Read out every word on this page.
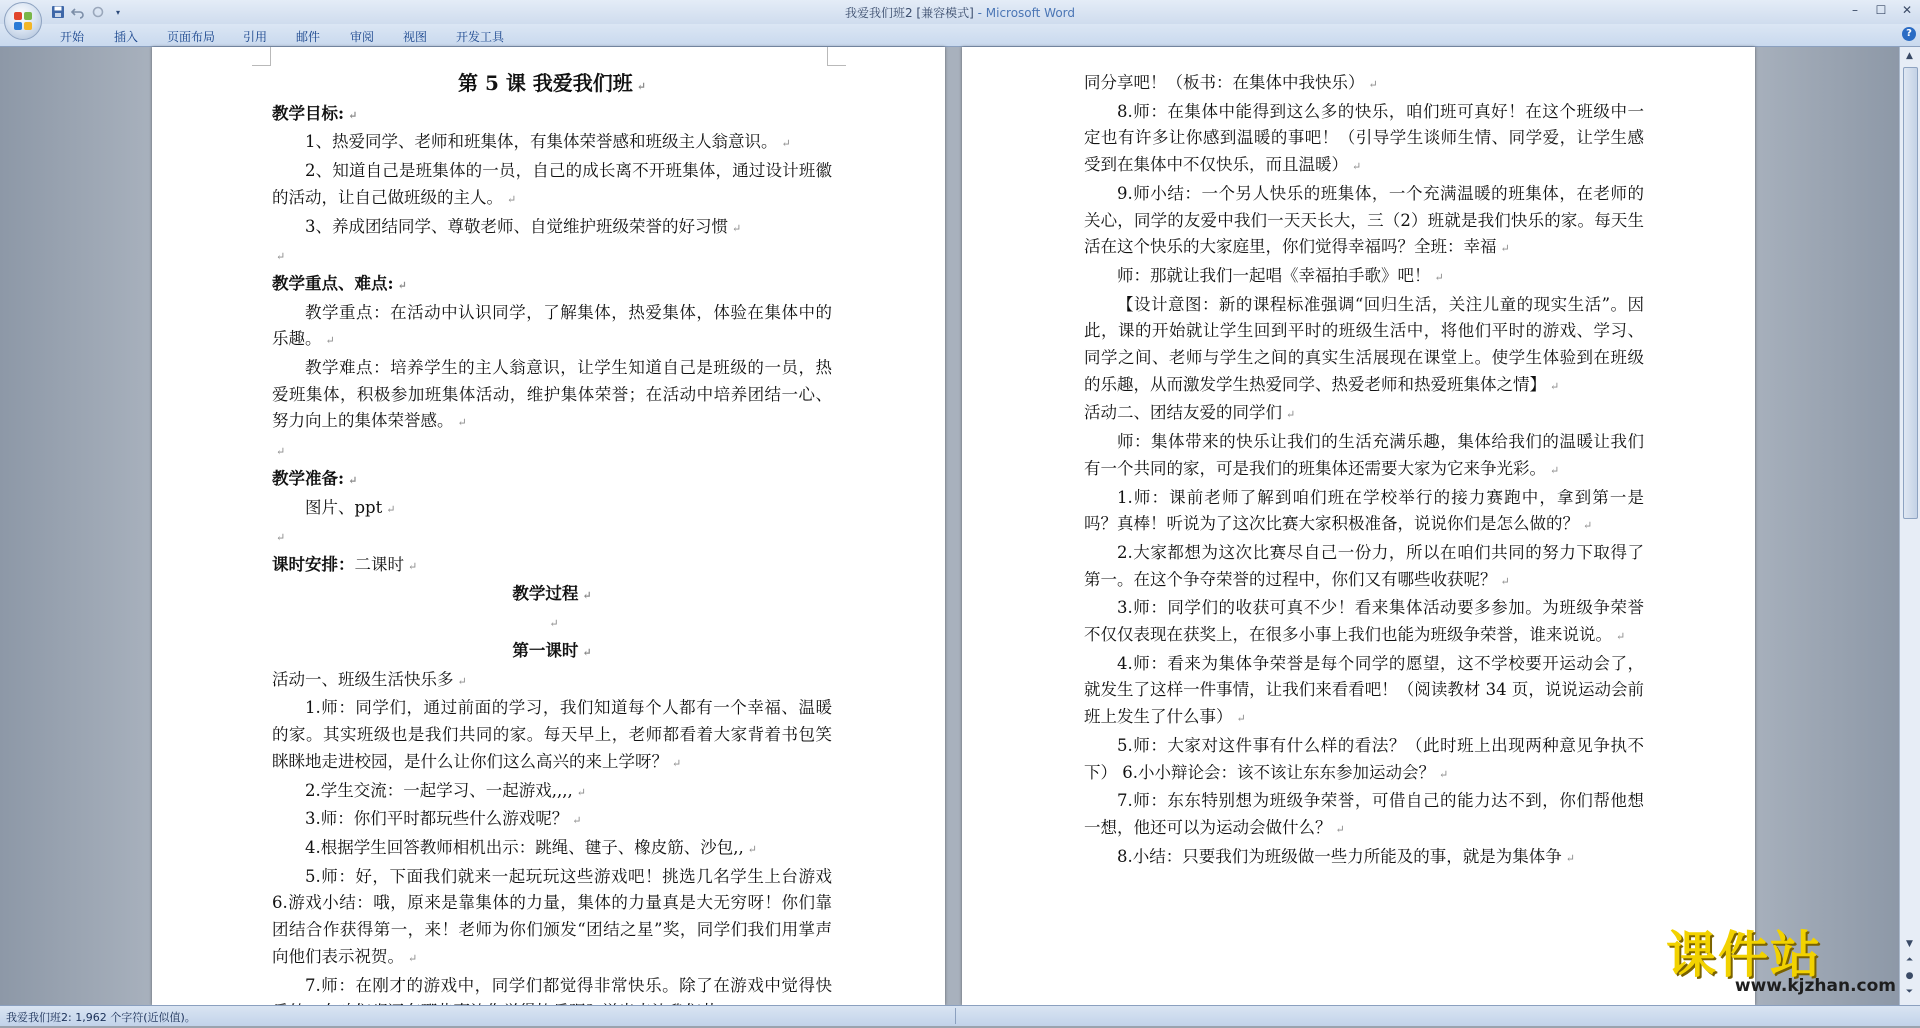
▾	我爱我们班2 [兼容模式] - Microsoft Word	–	☐	✕
开始 插入 页面布局 引用 邮件 审阅 视图 开发工具	?

第 5 课 我爱我们班 ↵

教学目标: ↵

1、热爱同学、老师和班集体，有集体荣誉感和班级主人翁意识。 ↵

2、知道自己是班集体的一员，自己的成长离不开班集体，通过设计班徽的活动，让自己做班级的主人。 ↵

3、养成团结同学、尊敬老师、自觉维护班级荣誉的好习惯 ↵

↵

教学重点、难点: ↵

教学重点：在活动中认识同学，了解集体，热爱集体，体验在集体中的乐趣。 ↵

教学难点：培养学生的主人翁意识，让学生知道自己是班级的一员，热爱班集体，积极参加班集体活动，维护集体荣誉；在活动中培养团结一心、努力向上的集体荣誉感。 ↵

↵

教学准备: ↵

图片、ppt ↵

↵

课时安排：二课时 ↵

教学过程 ↵

↵

第一课时 ↵

活动一、班级生活快乐多 ↵

1.师：同学们，通过前面的学习，我们知道每个人都有一个幸福、温暖的家。其实班级也是我们共同的家。每天早上，老师都看着大家背着书包笑眯眯地走进校园，是什么让你们这么高兴的来上学呀？ ↵

2.学生交流：一起学习、一起游戏,,,, ↵

3.师：你们平时都玩些什么游戏呢？ ↵

4.根据学生回答教师相机出示：跳绳、毽子、橡皮筋、沙包,, ↵

5.师：好，下面我们就来一起玩玩这些游戏吧！挑选几名学生上台游戏 6.游戏小结：哦，原来是靠集体的力量，集体的力量真是大无穷呀！你们靠团结合作获得第一，来！老师为你们颁发“团结之星”奖，同学们我们用掌声向他们表示祝贺。 ↵

7.师：在刚才的游戏中，同学们都觉得非常快乐。除了在游戏中觉得快

同分享吧！（板书：在集体中我快乐） ↵

8.师：在集体中能得到这么多的快乐，咱们班可真好！在这个班级中一定也有许多让你感到温暖的事吧！（引导学生谈师生情、同学爱，让学生感受到在集体中不仅快乐，而且温暖） ↵

9.师小结：一个另人快乐的班集体，一个充满温暖的班集体，在老师的关心，同学的友爱中我们一天天长大，三（2）班就是我们快乐的家。每天生活在这个快乐的大家庭里，你们觉得幸福吗？全班：幸福 ↵

师：那就让我们一起唱《幸福拍手歌》吧！ ↵

【设计意图：新的课程标准强调“回归生活，关注儿童的现实生活”。因此，课的开始就让学生回到平时的班级生活中，将他们平时的游戏、学习、同学之间、老师与学生之间的真实生活展现在课堂上。使学生体验到在班级的乐趣，从而激发学生热爱同学、热爱老师和热爱班集体之情】 ↵

活动二、团结友爱的同学们 ↵

师：集体带来的快乐让我们的生活充满乐趣，集体给我们的温暖让我们有一个共同的家，可是我们的班集体还需要大家为它来争光彩。 ↵

1.师：课前老师了解到咱们班在学校举行的接力赛跑中，拿到第一是吗？真棒！听说为了这次比赛大家积极准备，说说你们是怎么做的？ ↵

2.大家都想为这次比赛尽自己一份力，所以在咱们共同的努力下取得了第一。在这个争夺荣誉的过程中，你们又有哪些收获呢？ ↵

3.师：同学们的收获可真不少！看来集体活动要多参加。为班级争荣誉不仅仅表现在获奖上，在很多小事上我们也能为班级争荣誉，谁来说说。 ↵

4.师：看来为集体争荣誉是每个同学的愿望，这不学校要开运动会了，就发生了这样一件事情，让我们来看看吧！（阅读教材 34 页，说说运动会前班上发生了什么事） ↵

5.师：大家对这件事有什么样的看法？（此时班上出现两种意见争执不下） 6.小小辩论会：该不该让东东参加运动会？ ↵

7.师：东东特别想为班级争荣誉，可借自己的能力达不到，你们帮他想一想，他还可以为运动会做什么？ ↵

8.小结：只要我们为班级做一些力所能及的事，就是为集体争 ↵

▲
▼
⏶
●
⏷
我爱我们班2: 1,962 个字符(近似值)。
课件站
www.kjzhan.com
